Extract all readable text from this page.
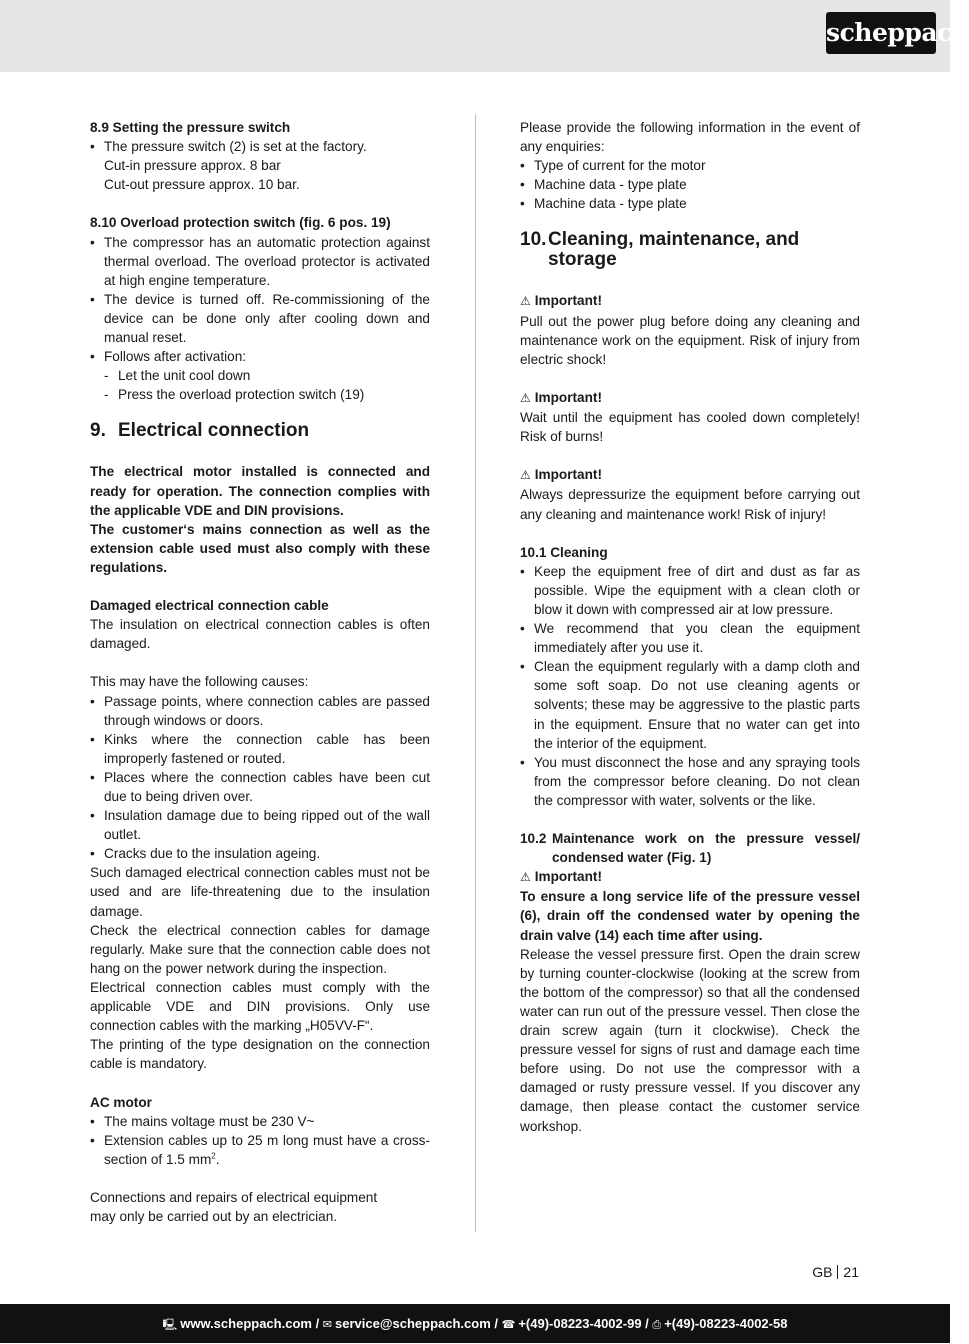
scheppach

8.9 Setting the pressure switch

• The pressure switch (2) is set at the factory.

Cut-in pressure approx. 8 bar

Cut-out pressure approx. 10 bar.

8.10 Overload protection switch (fig. 6 pos. 19)

• The compressor has an automatic protection against thermal overload. The overload protector is activated at high engine temperature.

• The device is turned off. Re-commissioning of the device can be done only after cooling down and manual reset.

• Follows after activation:

- Let the unit cool down

- Press the overload protection switch (19)

9. Electrical connection

The electrical motor installed is connected and ready for operation. The connection complies with the applicable VDE and DIN provisions.

The customer‘s mains connection as well as the extension cable used must also comply with these regulations.

Damaged electrical connection cable

The insulation on electrical connection cables is often damaged.

This may have the following causes:

• Passage points, where connection cables are passed through windows or doors.

• Kinks where the connection cable has been improperly fastened or routed.

• Places where the connection cables have been cut due to being driven over.

• Insulation damage due to being ripped out of the wall outlet.

• Cracks due to the insulation ageing.

Such damaged electrical connection cables must not be used and are life-threatening due to the insulation damage.

Check the electrical connection cables for damage regularly. Make sure that the connection cable does not hang on the power network during the inspection.

Electrical connection cables must comply with the applicable VDE and DIN provisions. Only use connection cables with the marking „H05VV-F“.

The printing of the type designation on the connection cable is mandatory.

AC motor

• The mains voltage must be 230 V~

• Extension cables up to 25 m long must have a cross-section of 1.5 $mm^2$.

Connections and repairs of electrical equipment

may only be carried out by an electrician.

Please provide the following information in the event of any enquiries:

• Type of current for the motor

• Machine data - type plate

• Machine data - type plate

10. Cleaning, maintenance, and storage

⚠ Important!

Pull out the power plug before doing any cleaning and maintenance work on the equipment. Risk of injury from electric shock!

⚠ Important!

Wait until the equipment has cooled down completely! Risk of burns!

⚠ Important!

Always depressurize the equipment before carrying out any cleaning and maintenance work! Risk of injury!

10.1 Cleaning

• Keep the equipment free of dirt and dust as far as possible. Wipe the equipment with a clean cloth or blow it down with compressed air at low pressure.

• We recommend that you clean the equipment immediately after you use it.

• Clean the equipment regularly with a damp cloth and some soft soap. Do not use cleaning agents or solvents; these may be aggressive to the plastic parts in the equipment. Ensure that no water can get into the interior of the equipment.

• You must disconnect the hose and any spraying tools from the compressor before cleaning. Do not clean the compressor with water, solvents or the like.

10.2 Maintenance work on the pressure vessel/ condensed water (Fig. 1)

⚠ Important!

To ensure a long service life of the pressure vessel (6), drain off the condensed water by opening the drain valve (14) each time after using.

Release the vessel pressure first. Open the drain screw by turning counter-clockwise (looking at the screw from the bottom of the compressor) so that all the condensed water can run out of the pressure vessel. Then close the drain screw again (turn it clockwise). Check the pressure vessel for signs of rust and damage each time before using. Do not use the compressor with a damaged or rusty pressure vessel. If you discover any damage, then please contact the customer service workshop.

GB 21
🖳 www.scheppach.com / ✉ service@scheppach.com / ☎ +(49)-08223-4002-99 / ⎙ +(49)-08223-4002-58
